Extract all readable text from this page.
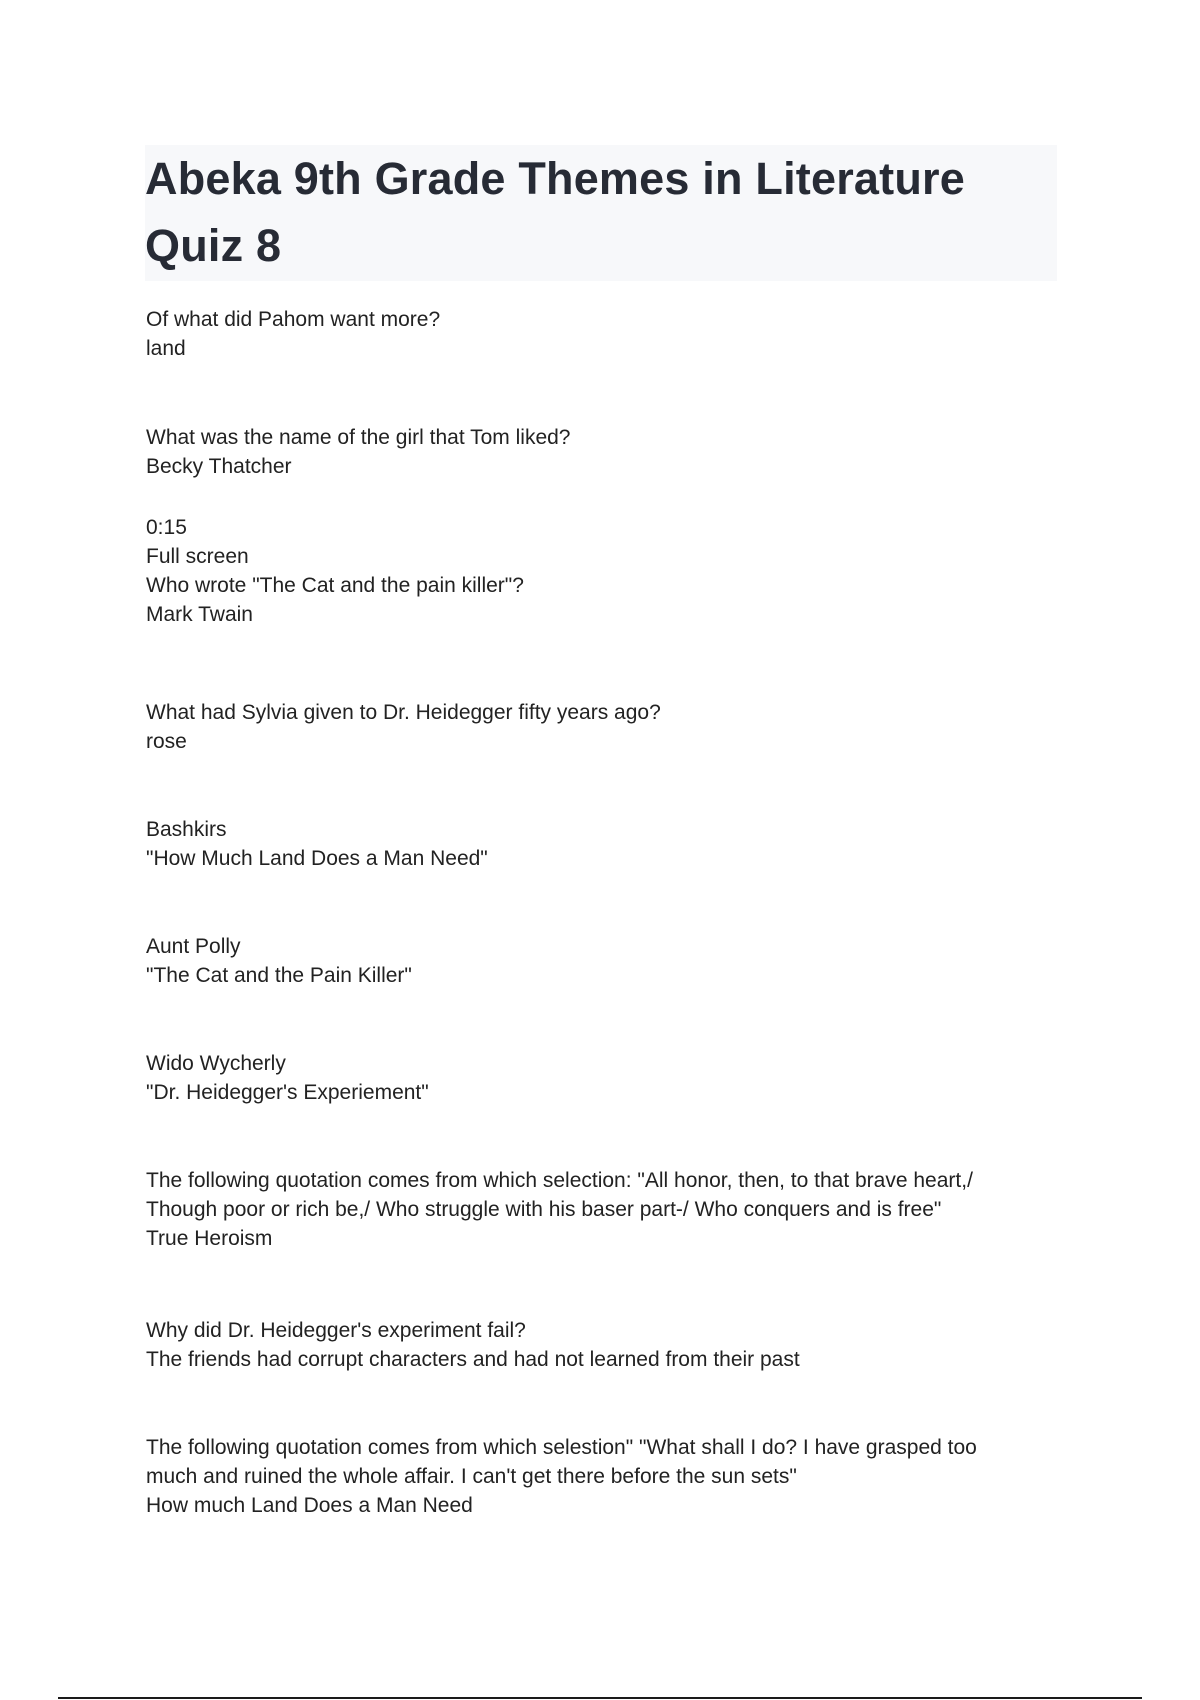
Abeka 9th Grade Themes in Literature
Quiz 8
Of what did Pahom want more?
land
What was the name of the girl that Tom liked?
Becky Thatcher
0:15
Full screen
Who wrote "The Cat and the pain killer"?
Mark Twain
What had Sylvia given to Dr. Heidegger fifty years ago?
rose
Bashkirs
"How Much Land Does a Man Need"
Aunt Polly
"The Cat and the Pain Killer"
Wido Wycherly
"Dr. Heidegger's Experiement"
The following quotation comes from which selection: "All honor, then, to that brave heart,/
Though poor or rich be,/ Who struggle with his baser part-/ Who conquers and is free"
True Heroism
Why did Dr. Heidegger's experiment fail?
The friends had corrupt characters and had not learned from their past
The following quotation comes from which selestion" "What shall I do? I have grasped too
much and ruined the whole affair. I can't get there before the sun sets"
How much Land Does a Man Need
